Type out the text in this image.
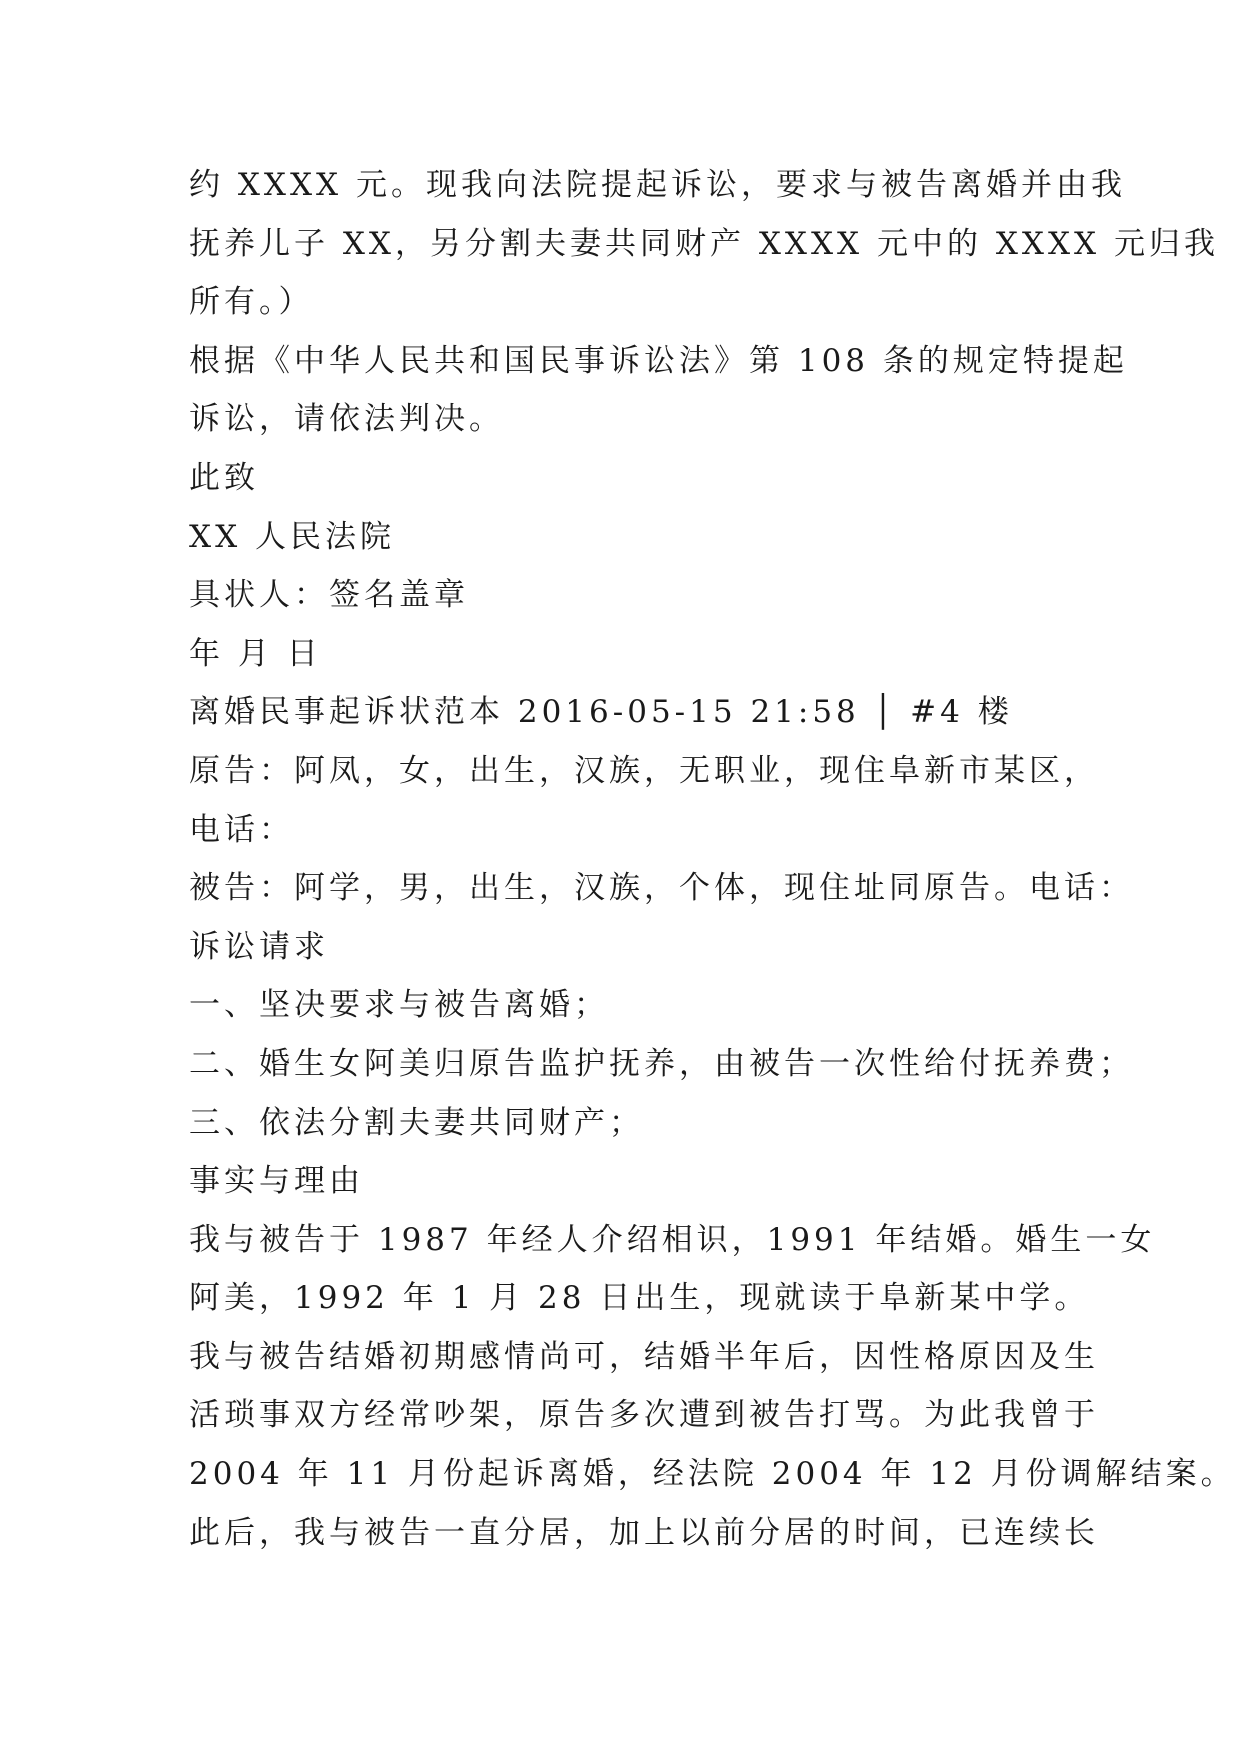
约 XXXX 元。现我向法院提起诉讼，要求与被告离婚并由我
抚养儿子 XX，另分割夫妻共同财产 XXXX 元中的 XXXX 元归我
所有。）
根据《中华人民共和国民事诉讼法》第 108 条的规定特提起
诉讼，请依法判决。
此致
XX 人民法院
具状人：签名盖章
年 月 日
离婚民事起诉状范本 2016-05-15 21:58 │ #4 楼
原告：阿凤，女，出生，汉族，无职业，现住阜新市某区，
电话：
被告：阿学，男，出生，汉族，个体，现住址同原告。电话：
诉讼请求
一、坚决要求与被告离婚；
二、婚生女阿美归原告监护抚养，由被告一次性给付抚养费；
三、依法分割夫妻共同财产；
事实与理由
我与被告于 1987 年经人介绍相识，1991 年结婚。婚生一女
阿美，1992 年 1 月 28 日出生，现就读于阜新某中学。
我与被告结婚初期感情尚可，结婚半年后，因性格原因及生
活琐事双方经常吵架，原告多次遭到被告打骂。为此我曾于
2004 年 11 月份起诉离婚，经法院 2004 年 12 月份调解结案。
此后，我与被告一直分居，加上以前分居的时间，已连续长
